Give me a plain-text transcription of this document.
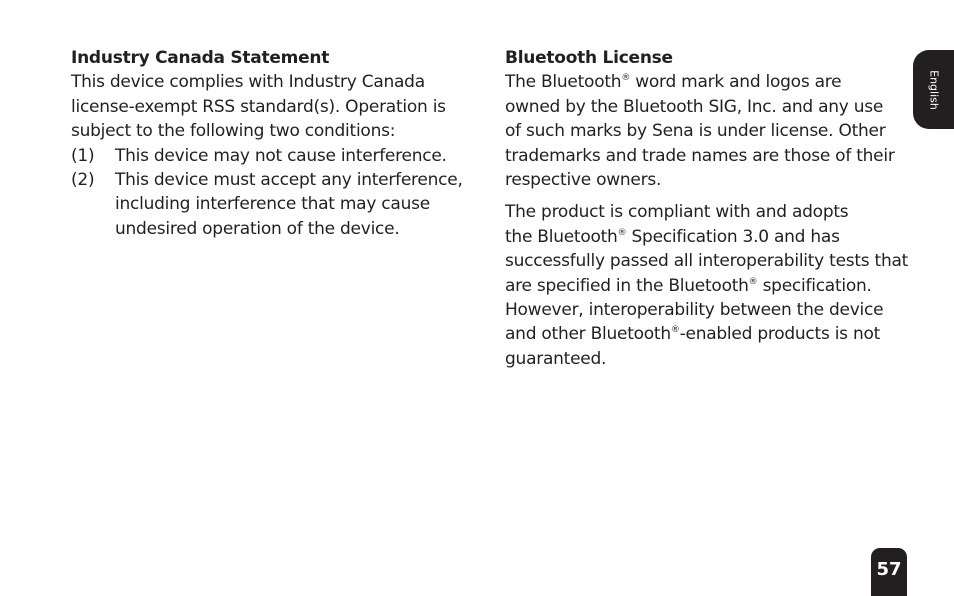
English
Industry Canada Statement

This device complies with Industry Canada
license-exempt RSS standard(s). Operation is
subject to the following two conditions:

(1)	This device may not cause interference.
(2)	This device must accept any interference,
including interference that may cause
undesired operation of the device.
Bluetooth License

The Bluetooth® word mark and logos are
owned by the Bluetooth SIG, Inc. and any use
of such marks by Sena is under license. Other
trademarks and trade names are those of their
respective owners.

The product is compliant with and adopts
the Bluetooth® Specification 3.0 and has
successfully passed all interoperability tests that
are specified in the Bluetooth® specification.
However, interoperability between the device
and other Bluetooth®-enabled products is not
guaranteed.

57
